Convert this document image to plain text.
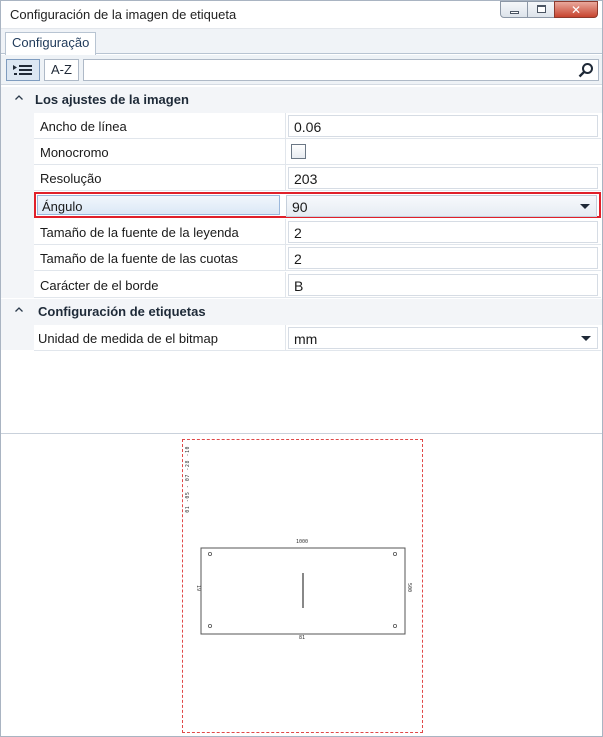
Configuración de la imagen de etiqueta	✕
Configuração
A-Z
Los ajustes de la imagen
Ancho de línea	0.06
Monocromo
Resolução	203
Ángulo	90
Tamaño de la fuente de la leyenda	2
Tamaño de la fuente de las cuotas	2
Carácter de el borde	B
Configuración de etiquetas
Unidad de medida de el bitmap	mm
01 -05 - 07 -28 -10
1000
81
19	500
